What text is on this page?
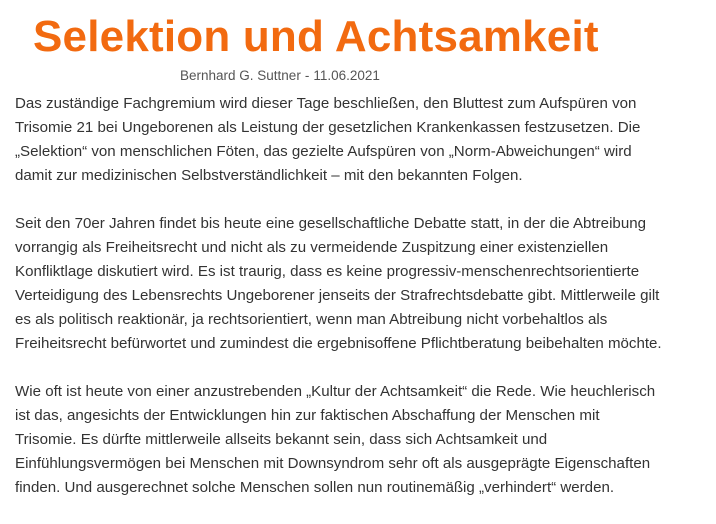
Selektion und Achtsamkeit
Bernhard G. Suttner - 11.06.2021

Das zuständige Fachgremium wird dieser Tage beschließen, den Bluttest zum Aufspüren von
Trisomie 21 bei Ungeborenen als Leistung der gesetzlichen Krankenkassen festzusetzen. Die
„Selektion“ von menschlichen Föten, das gezielte Aufspüren von „Norm-Abweichungen“ wird
damit zur medizinischen Selbstverständlichkeit – mit den bekannten Folgen.

Seit den 70er Jahren findet bis heute eine gesellschaftliche Debatte statt, in der die Abtreibung
vorrangig als Freiheitsrecht und nicht als zu vermeidende Zuspitzung einer existenziellen
Konfliktlage diskutiert wird. Es ist traurig, dass es keine progressiv-menschenrechtsorientierte
Verteidigung des Lebensrechts Ungeborener jenseits der Strafrechtsdebatte gibt. Mittlerweile gilt
es als politisch reaktionär, ja rechtsorientiert, wenn man Abtreibung nicht vorbehaltlos als
Freiheitsrecht befürwortet und zumindest die ergebnisoffene Pflichtberatung beibehalten möchte.

Wie oft ist heute von einer anzustrebenden „Kultur der Achtsamkeit“ die Rede. Wie heuchlerisch
ist das, angesichts der Entwicklungen hin zur faktischen Abschaffung der Menschen mit
Trisomie. Es dürfte mittlerweile allseits bekannt sein, dass sich Achtsamkeit und
Einfühlungsvermögen bei Menschen mit Downsyndrom sehr oft als ausgeprägte Eigenschaften
finden. Und ausgerechnet solche Menschen sollen nun routinemäßig „verhindert“ werden.
